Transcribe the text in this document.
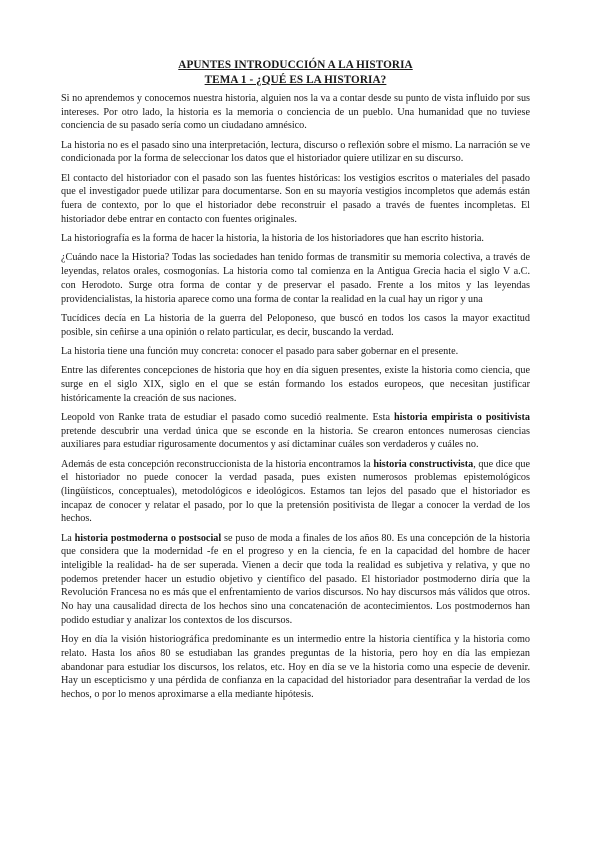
APUNTES INTRODUCCIÓN A LA HISTORIA
TEMA 1 - ¿QUÉ ES LA HISTORIA?

Si no aprendemos y conocemos nuestra historia, alguien nos la va a contar desde su punto de vista influido por sus intereses. Por otro lado, la historia es la memoria o conciencia de un pueblo. Una humanidad que no tuviese conciencia de su pasado sería como un ciudadano amnésico.

La historia no es el pasado sino una interpretación, lectura, discurso o reflexión sobre el mismo. La narración se ve condicionada por la forma de seleccionar los datos que el historiador quiere utilizar en su discurso.

El contacto del historiador con el pasado son las fuentes históricas: los vestigios escritos o materiales del pasado que el investigador puede utilizar para documentarse. Son en su mayoría vestigios incompletos que además están fuera de contexto, por lo que el historiador debe reconstruir el pasado a través de fuentes incompletas. El historiador debe entrar en contacto con fuentes originales.

La historiografía es la forma de hacer la historia, la historia de los historiadores que han escrito historia.

¿Cuándo nace la Historia? Todas las sociedades han tenido formas de transmitir su memoria colectiva, a través de leyendas, relatos orales, cosmogonías. La historia como tal comienza en la Antigua Grecia hacia el siglo V a.C. con Herodoto. Surge otra forma de contar y de preservar el pasado. Frente a los mitos y las leyendas providencialistas, la historia aparece como una forma de contar la realidad en la cual hay un rigor y una

Tucídices decía en La historia de la guerra del Peloponeso, que buscó en todos los casos la mayor exactitud posible, sin ceñirse a una opinión o relato particular, es decir, buscando la verdad.

La historia tiene una función muy concreta: conocer el pasado para saber gobernar en el presente.

Entre las diferentes concepciones de historia que hoy en día siguen presentes, existe la historia como ciencia, que surge en el siglo XIX, siglo en el que se están formando los estados europeos, que necesitan justificar históricamente la creación de sus naciones.

Leopold von Ranke trata de estudiar el pasado como sucedió realmente. Esta historia empirista o positivista pretende descubrir una verdad única que se esconde en la historia. Se crearon entonces numerosas ciencias auxiliares para estudiar rigurosamente documentos y así dictaminar cuáles son verdaderos y cuáles no.

Además de esta concepción reconstruccionista de la historia encontramos la historia constructivista, que dice que el historiador no puede conocer la verdad pasada, pues existen numerosos problemas epistemológicos (lingüísticos, conceptuales), metodológicos e ideológicos. Estamos tan lejos del pasado que el historiador es incapaz de conocer y relatar el pasado, por lo que la pretensión positivista de llegar a conocer la verdad de los hechos.

La historia postmoderna o postsocial se puso de moda a finales de los años 80. Es una concepción de la historia que considera que la modernidad -fe en el progreso y en la ciencia, fe en la capacidad del hombre de hacer inteligible la realidad- ha de ser superada. Vienen a decir que toda la realidad es subjetiva y relativa, y que no podemos pretender hacer un estudio objetivo y científico del pasado. El historiador postmoderno diría que la Revolución Francesa no es más que el enfrentamiento de varios discursos. No hay discursos más válidos que otros. No hay una causalidad directa de los hechos sino una concatenación de acontecimientos. Los postmodernos han podido estudiar y analizar los contextos de los discursos.

Hoy en día la visión historiográfica predominante es un intermedio entre la historia científica y la historia como relato. Hasta los años 80 se estudiaban las grandes preguntas de la historia, pero hoy en día las empiezan abandonar para estudiar los discursos, los relatos, etc. Hoy en día se ve la historia como una especie de devenir. Hay un escepticismo y una pérdida de confianza en la capacidad del historiador para desentrañar la verdad de los hechos, o por lo menos aproximarse a ella mediante hipótesis.
